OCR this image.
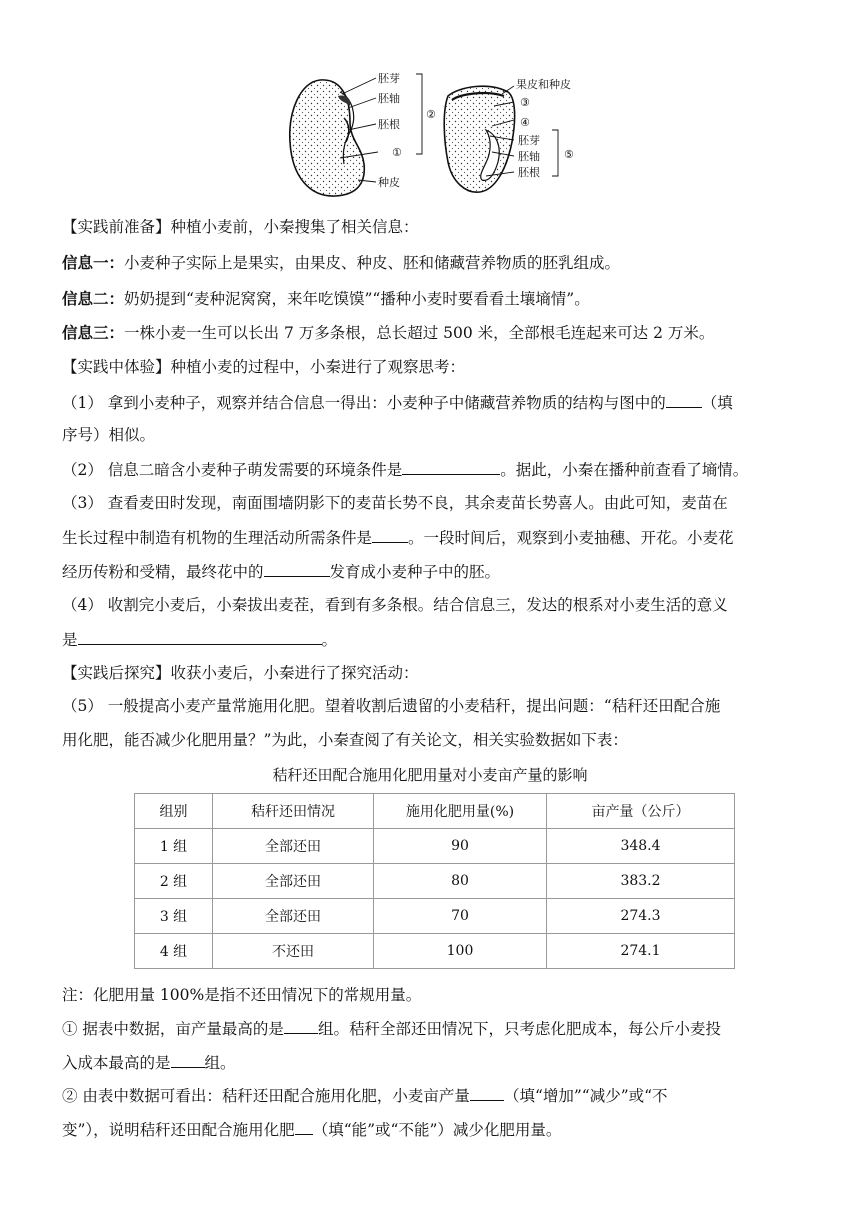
胚芽
胚轴
胚根
①
种皮
②
果皮和种皮
③
④
胚芽
胚轴
胚根
⑤
【实践前准备】种植小麦前，小秦搜集了相关信息：
信息一：小麦种子实际上是果实，由果皮、种皮、胚和储藏营养物质的胚乳组成。
信息二：奶奶提到“麦种泥窝窝，来年吃馍馍”“播种小麦时要看看土壤墒情”。
信息三：一株小麦一生可以长出 7 万多条根，总长超过 500 米，全部根毛连起来可达 2 万米。
【实践中体验】种植小麦的过程中，小秦进行了观察思考：
（1） 拿到小麦种子，观察并结合信息一得出：小麦种子中储藏营养物质的结构与图中的 （填
序号）相似。
（2） 信息二暗含小麦种子萌发需要的环境条件是	。据此，小秦在播种前查看了墒情。
（3） 查看麦田时发现，南面围墙阴影下的麦苗长势不良，其余麦苗长势喜人。由此可知，麦苗在
生长过程中制造有机物的生理活动所需条件是 。一段时间后，观察到小麦抽穗、开花。小麦花
经历传粉和受精，最终花中的	发育成小麦种子中的胚。
（4） 收割完小麦后，小秦拔出麦茬，看到有多条根。结合信息三，发达的根系对小麦生活的意义
是	。
【实践后探究】收获小麦后，小秦进行了探究活动：
（5） 一般提高小麦产量常施用化肥。望着收割后遗留的小麦秸秆，提出问题：“秸秆还田配合施
用化肥，能否减少化肥用量？”为此，小秦查阅了有关论文，相关实验数据如下表：
秸秆还田配合施用化肥用量对小麦亩产量的影响
组别	秸秆还田情况	施用化肥用量(%)	亩产量（公斤）
1 组	全部还田	90	348.4
2 组	全部还田	80	383.2
3 组	全部还田	70	274.3
4 组	不还田	100	274.1
注：化肥用量 100%是指不还田情况下的常规用量。
① 据表中数据，亩产量最高的是 组。秸秆全部还田情况下，只考虑化肥成本，每公斤小麦投
入成本最高的是 组。
② 由表中数据可看出：秸秆还田配合施用化肥，小麦亩产量 （填“增加”“减少”或“不
变”），说明秸秆还田配合施用化肥 （填“能”或“不能”）减少化肥用量。
